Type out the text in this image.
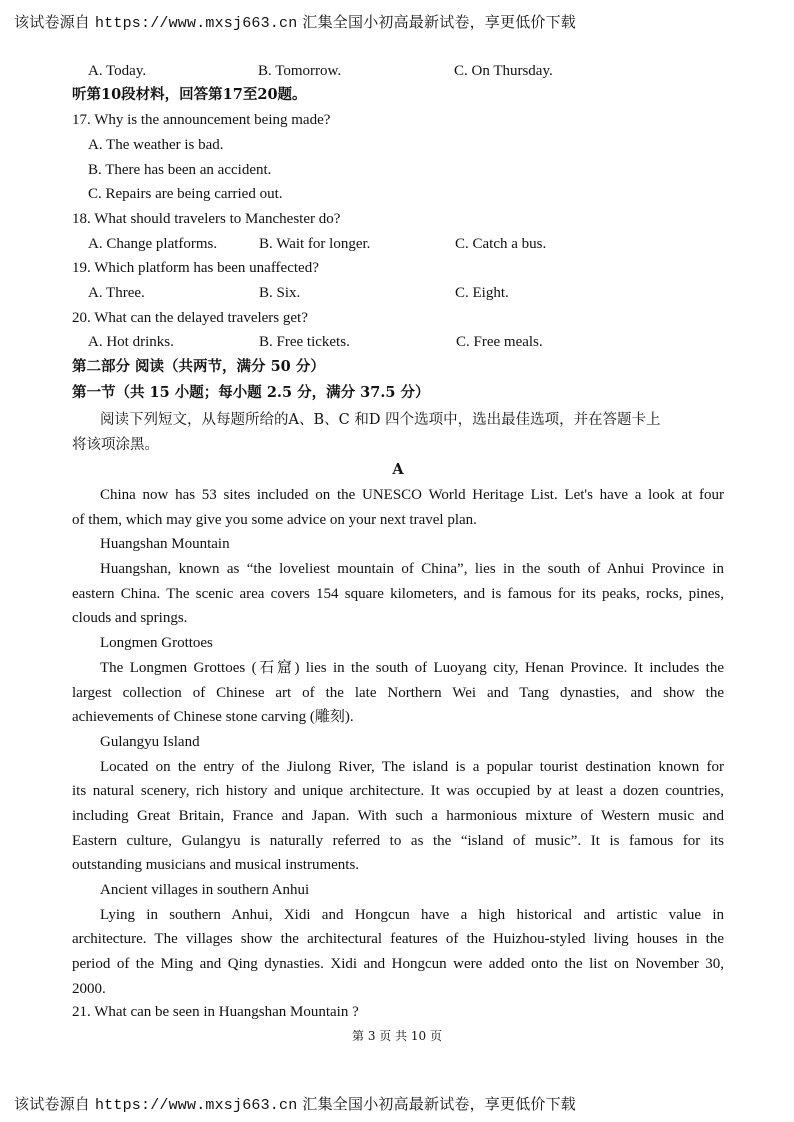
该试卷源自 https://www.mxsj663.cn 汇集全国小初高最新试卷，享更低价下载
A. Today.	B. Tomorrow.	C. On Thursday.
听第10段材料，回答第17至20题。
17. Why is the announcement being made?
A. The weather is bad.
B. There has been an accident.
C. Repairs are being carried out.
18. What should travelers to Manchester do?
A. Change platforms.	B. Wait for longer.	C. Catch a bus.
19. Which platform has been unaffected?
A. Three.	B. Six.	C. Eight.
20. What can the delayed travelers get?
A. Hot drinks.	B. Free tickets.	C. Free meals.
第二部分 阅读（共两节，满分 50 分）
第一节（共 15 小题；每小题 2.5 分，满分 37.5 分）
阅读下列短文，从每题所给的A、B、C 和D 四个选项中，选出最佳选项，并在答题卡上
将该项涂黑。
A
China now has 53 sites included on the UNESCO World Heritage List. Let's have a look at four
of them, which may give you some advice on your next travel plan.
Huangshan Mountain
Huangshan, known as “the loveliest mountain of China”, lies in the south of Anhui Province in
eastern China. The scenic area covers 154 square kilometers, and is famous for its peaks, rocks, pines,
clouds and springs.
Longmen Grottoes
The Longmen Grottoes (石窟) lies in the south of Luoyang city, Henan Province. It includes the
largest collection of Chinese art of the late Northern Wei and Tang dynasties, and show the
achievements of Chinese stone carving (雕刻).
Gulangyu Island
Located on the entry of the Jiulong River, The island is a popular tourist destination known for
its natural scenery, rich history and unique architecture. It was occupied by at least a dozen countries,
including Great Britain, France and Japan. With such a harmonious mixture of Western music and
Eastern culture, Gulangyu is naturally referred to as the “island of music”. It is famous for its
outstanding musicians and musical instruments.
Ancient villages in southern Anhui
Lying in southern Anhui, Xidi and Hongcun have a high historical and artistic value in
architecture. The villages show the architectural features of the Huizhou-styled living houses in the
period of the Ming and Qing dynasties. Xidi and Hongcun were added onto the list on November 30,
2000.
21. What can be seen in Huangshan Mountain ?
第 3 页 共 10 页
该试卷源自 https://www.mxsj663.cn 汇集全国小初高最新试卷，享更低价下载
